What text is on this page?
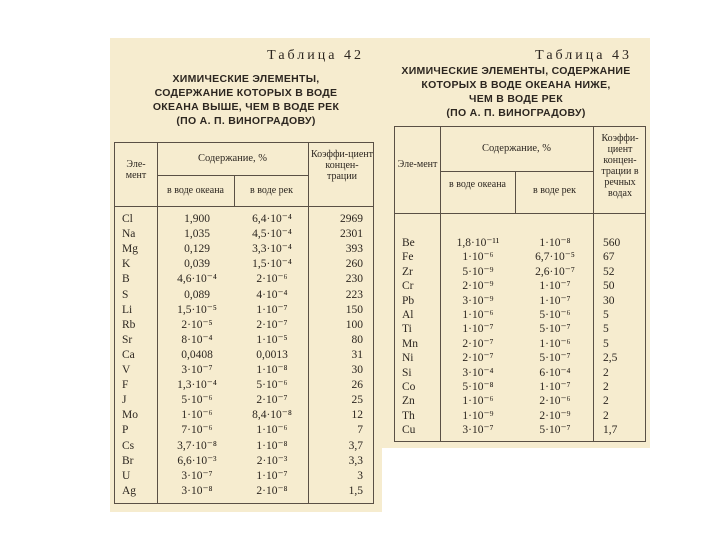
Таблица 42
ХИМИЧЕСКИЕ ЭЛЕМЕНТЫ,
СОДЕРЖАНИЕ КОТОРЫХ В ВОДЕ
ОКЕАНА ВЫШЕ, ЧЕМ В ВОДЕ РЕК
(ПО А. П. ВИНОГРАДОВУ)
Эле-мент
Содержание, %
в воде океана	в воде рек
Коэффи-циент концен-трации
Cl	1,900	6,4·10⁻⁴	2969
Na	1,035	4,5·10⁻⁴	2301
Mg	0,129	3,3·10⁻⁴	393
K	0,039	1,5·10⁻⁴	260
B	4,6·10⁻⁴	2·10⁻⁶	230
S	0,089	4·10⁻⁴	223
Li	1,5·10⁻⁵	1·10⁻⁷	150
Rb	2·10⁻⁵	2·10⁻⁷	100
Sr	8·10⁻⁴	1·10⁻⁵	80
Ca	0,0408	0,0013	31
V	3·10⁻⁷	1·10⁻⁸	30
F	1,3·10⁻⁴	5·10⁻⁶	26
J	5·10⁻⁶	2·10⁻⁷	25
Mo	1·10⁻⁶	8,4·10⁻⁸	12
P	7·10⁻⁶	1·10⁻⁶	7
Cs	3,7·10⁻⁸	1·10⁻⁸	3,7
Br	6,6·10⁻³	2·10⁻³	3,3
U	3·10⁻⁷	1·10⁻⁷	3
Ag	3·10⁻⁸	2·10⁻⁸	1,5
Таблица 43
ХИМИЧЕСКИЕ ЭЛЕМЕНТЫ, СОДЕРЖАНИЕ
КОТОРЫХ В ВОДЕ ОКЕАНА НИЖЕ,
ЧЕМ В ВОДЕ РЕК
(ПО А. П. ВИНОГРАДОВУ)
Эле-мент
Содержание, %
в воде океана
в воде рек
Коэффи-циент концен-трации в речных водах
Be	1,8·10⁻¹¹	1·10⁻⁸	560
Fe	1·10⁻⁶	6,7·10⁻⁵	67
Zr	5·10⁻⁹	2,6·10⁻⁷	52
Cr	2·10⁻⁹	1·10⁻⁷	50
Pb	3·10⁻⁹	1·10⁻⁷	30
Al	1·10⁻⁶	5·10⁻⁶	5
Ti	1·10⁻⁷	5·10⁻⁷	5
Mn	2·10⁻⁷	1·10⁻⁶	5
Ni	2·10⁻⁷	5·10⁻⁷	2,5
Si	3·10⁻⁴	6·10⁻⁴	2
Co	5·10⁻⁸	1·10⁻⁷	2
Zn	1·10⁻⁶	2·10⁻⁶	2
Th	1·10⁻⁹	2·10⁻⁹	2
Cu	3·10⁻⁷	5·10⁻⁷	1,7
